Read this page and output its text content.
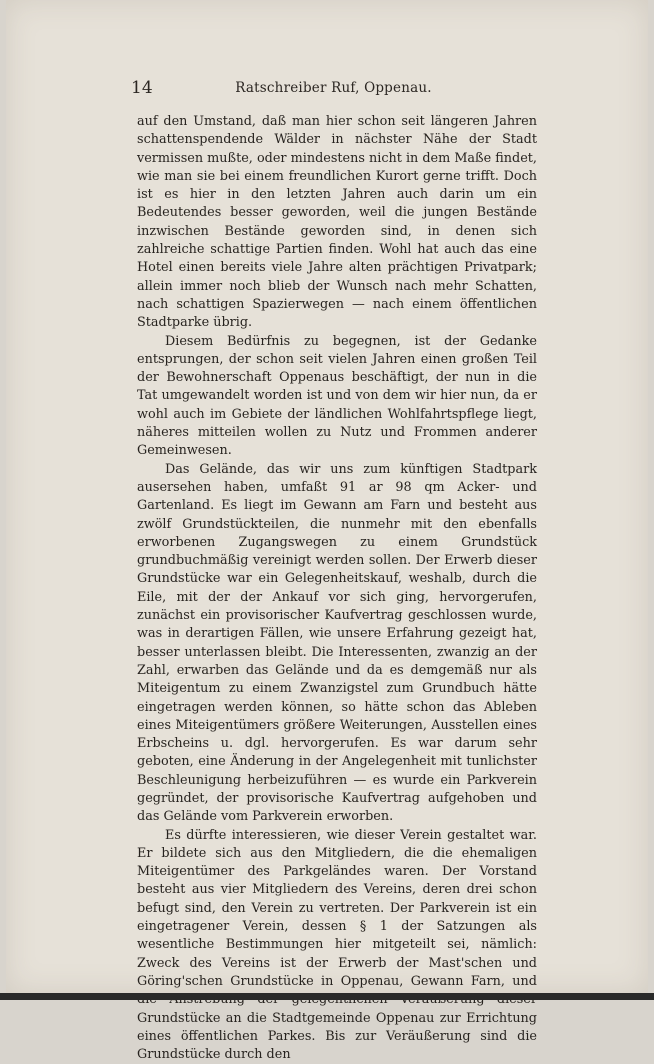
14	Ratschreiber Ruf, Oppenau.

auf den Umstand, daß man hier schon seit längeren Jahren schattenspendende Wälder in nächster Nähe der Stadt vermissen mußte, oder mindestens nicht in dem Maße findet, wie man sie bei einem freundlichen Kurort gerne trifft. Doch ist es hier in den letzten Jahren auch darin um ein Bedeutendes besser geworden, weil die jungen Bestände inzwischen Bestände geworden sind, in denen sich zahlreiche schattige Partien finden. Wohl hat auch das eine Hotel einen bereits viele Jahre alten prächtigen Privatpark; allein immer noch blieb der Wunsch nach mehr Schatten, nach schattigen Spazierwegen — nach einem öffentlichen Stadtparke übrig.

Diesem Bedürfnis zu begegnen, ist der Gedanke entsprungen, der schon seit vielen Jahren einen großen Teil der Bewohnerschaft Oppenaus beschäftigt, der nun in die Tat umgewandelt worden ist und von dem wir hier nun, da er wohl auch im Gebiete der ländlichen Wohlfahrtspflege liegt, näheres mitteilen wollen zu Nutz und Frommen anderer Gemeinwesen.

Das Gelände, das wir uns zum künftigen Stadtpark ausersehen haben, umfaßt 91 ar 98 qm Acker- und Gartenland. Es liegt im Gewann am Farn und besteht aus zwölf Grundstückteilen, die nunmehr mit den ebenfalls erworbenen Zugangswegen zu einem Grundstück grundbuchmäßig vereinigt werden sollen. Der Erwerb dieser Grundstücke war ein Gelegenheitskauf, weshalb, durch die Eile, mit der der Ankauf vor sich ging, hervorgerufen, zunächst ein provisorischer Kaufvertrag geschlossen wurde, was in derartigen Fällen, wie unsere Erfahrung gezeigt hat, besser unterlassen bleibt. Die Interessenten, zwanzig an der Zahl, erwarben das Gelände und da es demgemäß nur als Miteigentum zu einem Zwanzigstel zum Grundbuch hätte eingetragen werden können, so hätte schon das Ableben eines Miteigentümers größere Weiterungen, Ausstellen eines Erbscheins u. dgl. hervorgerufen. Es war darum sehr geboten, eine Änderung in der Angelegenheit mit tunlichster Beschleunigung herbeizuführen — es wurde ein Parkverein gegründet, der provisorische Kaufvertrag aufgehoben und das Gelände vom Parkverein erworben.

Es dürfte interessieren, wie dieser Verein gestaltet war. Er bildete sich aus den Mitgliedern, die die ehemaligen Miteigentümer des Parkgeländes waren. Der Vorstand besteht aus vier Mitgliedern des Vereins, deren drei schon befugt sind, den Verein zu vertreten. Der Parkverein ist ein eingetragener Verein, dessen § 1 der Satzungen als wesentliche Bestimmungen hier mitgeteilt sei, nämlich: Zweck des Vereins ist der Erwerb der Mast'schen und Göring'schen Grundstücke in Oppenau, Gewann Farn, und Grundstücke an die Stadtgemeinde Oppenau zur Errichtung eines öffentlichen Parkes. Bis zur Veräußerung sind die Grundstücke durch den
